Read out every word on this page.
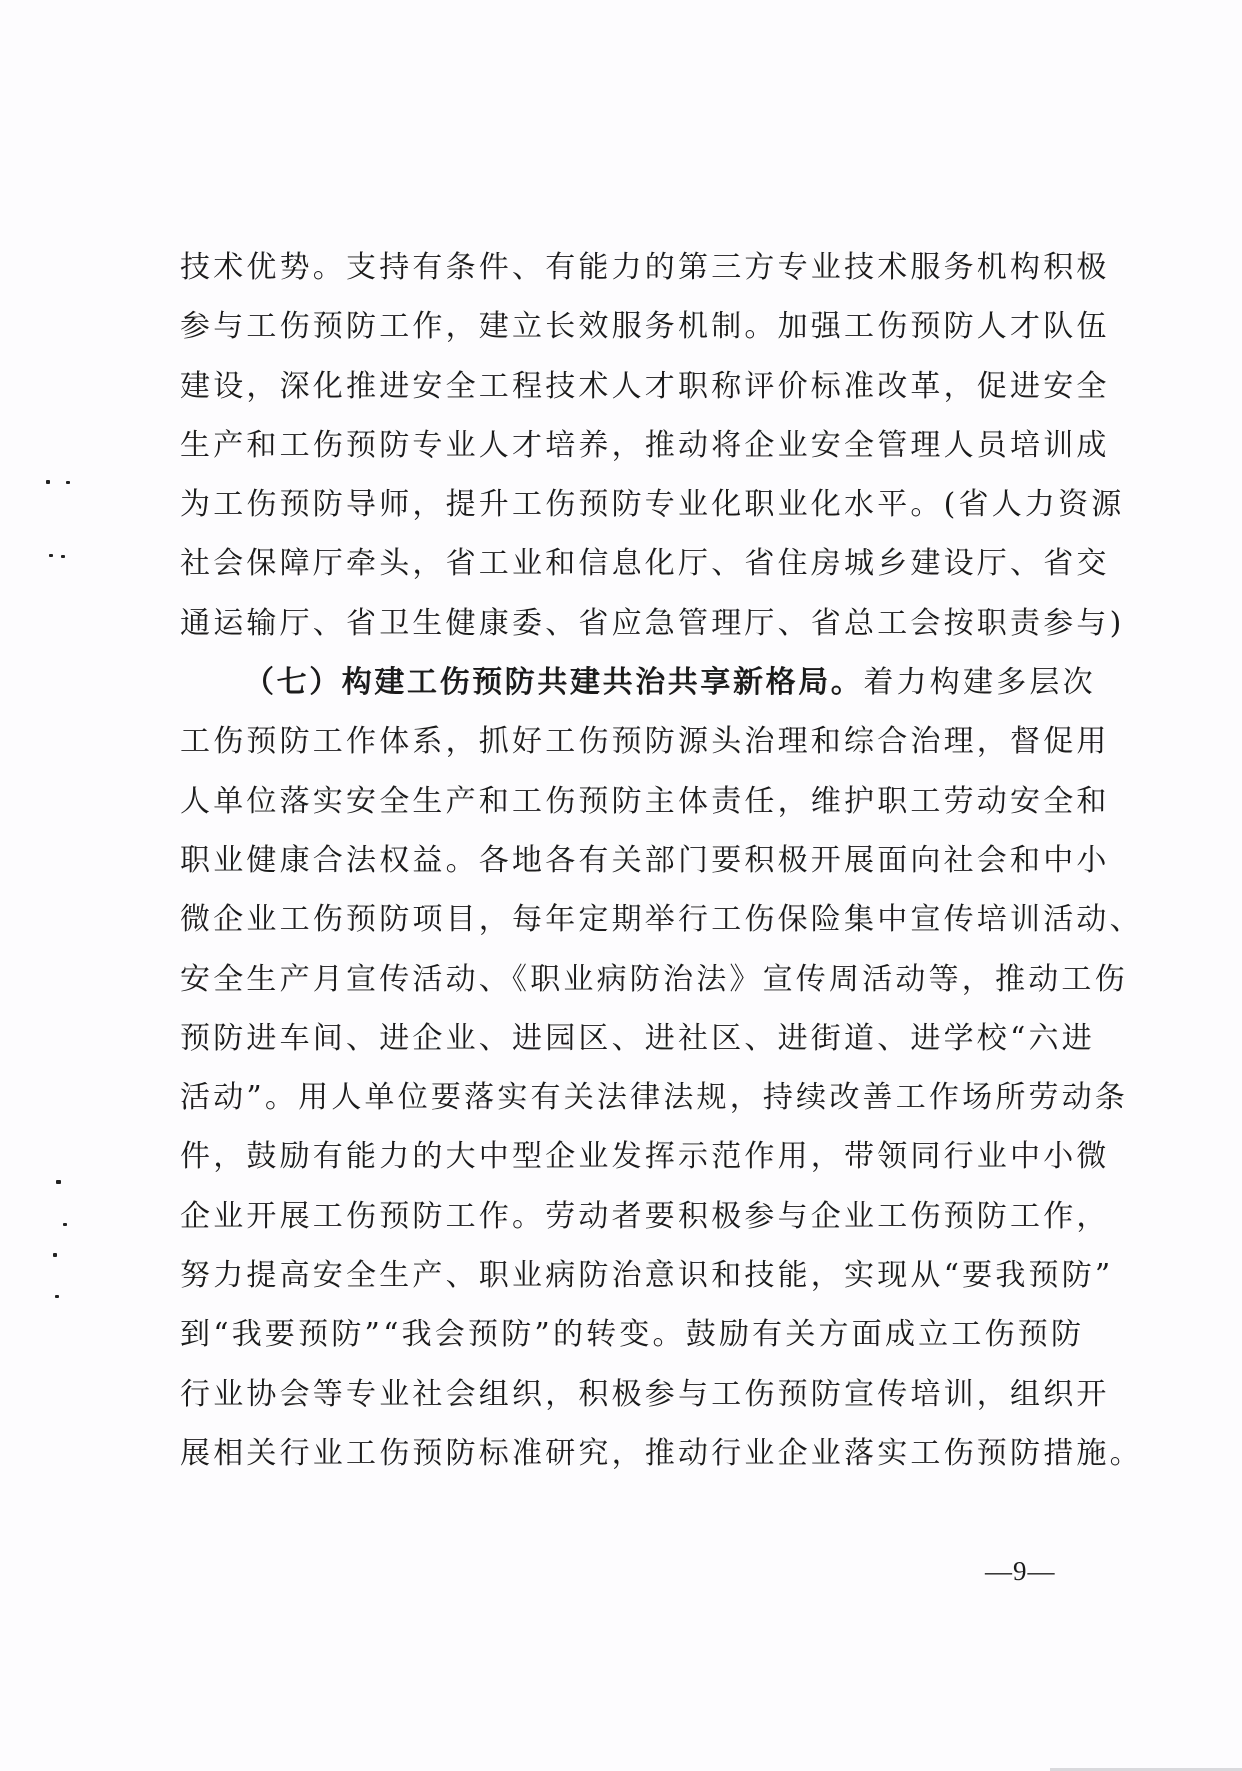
技术优势。支持有条件、有能力的第三方专业技术服务机构积极
参与工伤预防工作，建立长效服务机制。加强工伤预防人才队伍
建设，深化推进安全工程技术人才职称评价标准改革，促进安全
生产和工伤预防专业人才培养，推动将企业安全管理人员培训成
为工伤预防导师，提升工伤预防专业化职业化水平。(省人力资源
社会保障厅牵头，省工业和信息化厅、省住房城乡建设厅、省交
通运输厅、省卫生健康委、省应急管理厅、省总工会按职责参与)
（七）构建工伤预防共建共治共享新格局。着力构建多层次
工伤预防工作体系，抓好工伤预防源头治理和综合治理，督促用
人单位落实安全生产和工伤预防主体责任，维护职工劳动安全和
职业健康合法权益。各地各有关部门要积极开展面向社会和中小
微企业工伤预防项目，每年定期举行工伤保险集中宣传培训活动、
安全生产月宣传活动、《职业病防治法》宣传周活动等，推动工伤
预防进车间、进企业、进园区、进社区、进街道、进学校“六进
活动”。用人单位要落实有关法律法规，持续改善工作场所劳动条
件，鼓励有能力的大中型企业发挥示范作用，带领同行业中小微
企业开展工伤预防工作。劳动者要积极参与企业工伤预防工作，
努力提高安全生产、职业病防治意识和技能，实现从“要我预防”
到“我要预防”“我会预防”的转变。鼓励有关方面成立工伤预防
行业协会等专业社会组织，积极参与工伤预防宣传培训，组织开
展相关行业工伤预防标准研究，推动行业企业落实工伤预防措施。
—9—
